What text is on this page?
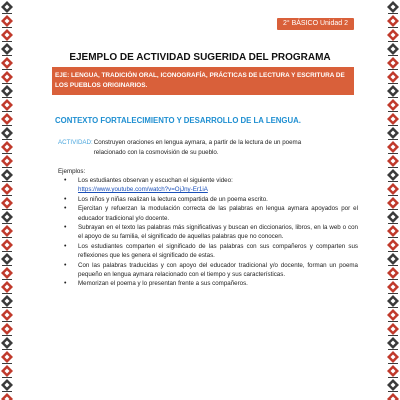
2° BÁSICO Unidad 2
EJEMPLO DE ACTIVIDAD SUGERIDA DEL PROGRAMA
EJE: LENGUA, TRADICIÓN ORAL, ICONOGRAFÍA, PRÁCTICAS DE LECTURA Y ESCRITURA DE LOS PUEBLOS ORIGINARIOS.
CONTEXTO FORTALECIMIENTO Y DESARROLLO DE LA LENGUA.
ACTIVIDAD:Construyen oraciones en lengua aymara, a partir de la lectura de un poema relacionado con la cosmovisión de su pueblo.
Ejemplos:
• Los estudiantes observan y escuchan el siguiente video:
https://www.youtube.com/watch?v=OjJny-Er1iA
• Los niños y niñas realizan la lectura compartida de un poema escrito.
• Ejercitan y refuerzan la modulación correcta de las palabras en lengua aymara apoyados por el educador tradicional y/o docente.
• Subrayan en el texto las palabras más significativas y buscan en diccionarios, libros, en la web o con el apoyo de su familia, el significado de aquellas palabras que no conocen.
• Los estudiantes comparten el significado de las palabras con sus compañeros y comparten sus reflexiones que les genera el significado de estas.
• Con las palabras traducidas y con apoyo del educador tradicional y/o docente, forman un poema pequeño en lengua aymara relacionado con el tiempo y sus características.
• Memorizan el poema y lo presentan frente a sus compañeros.
